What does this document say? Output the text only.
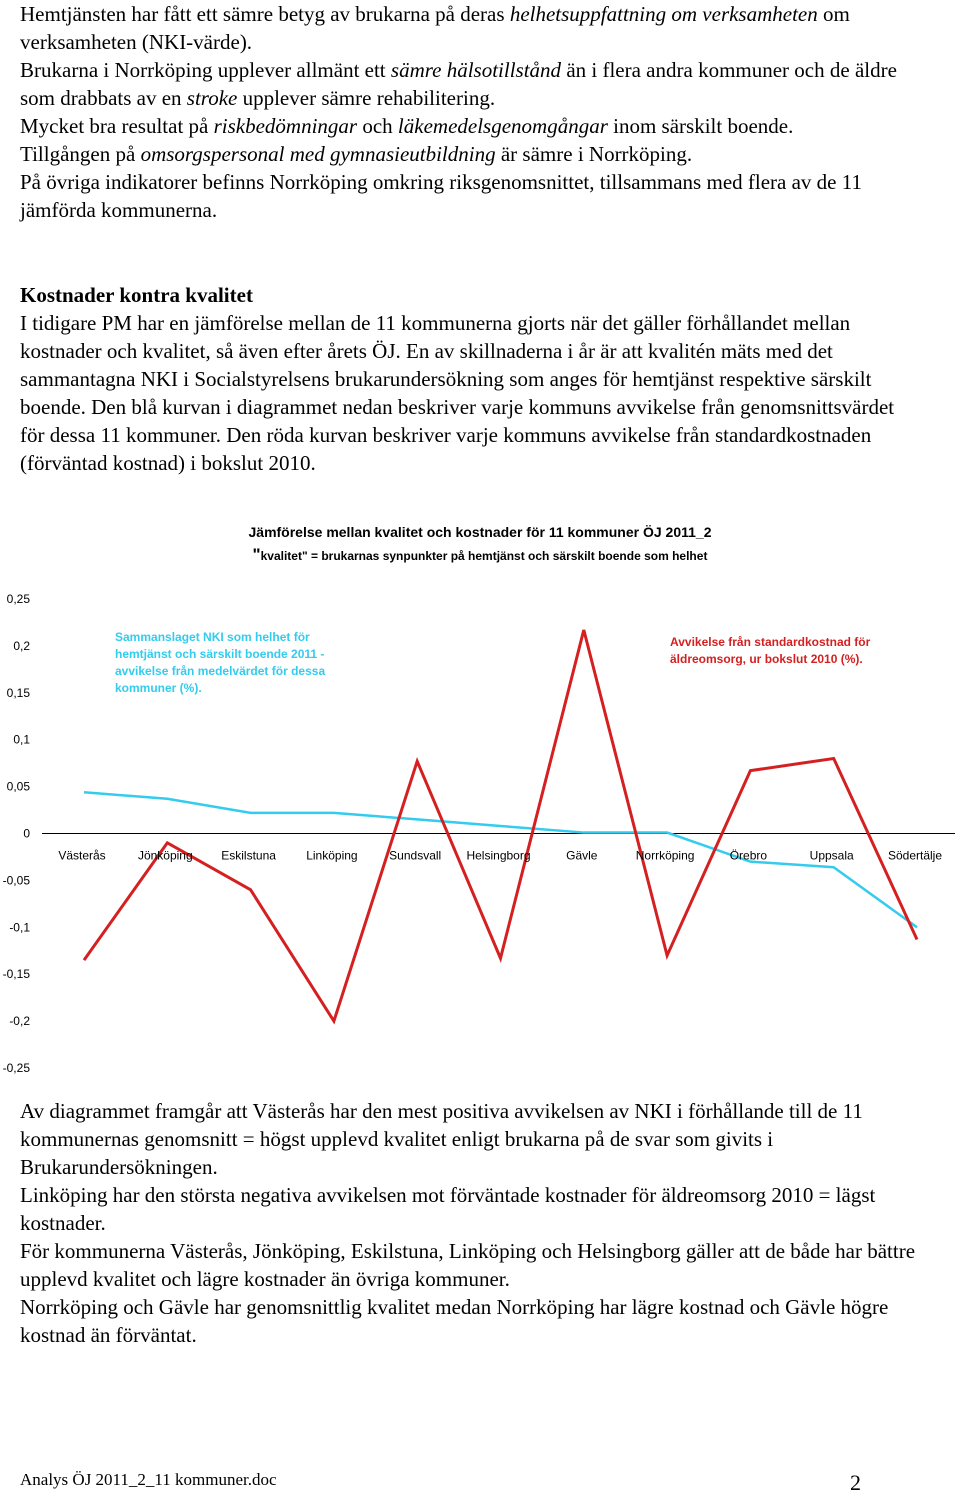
Hemtjänsten har fått ett sämre betyg av brukarna på deras helhetsuppfattning om verksamheten om verksamheten (NKI-värde).

Brukarna i Norrköping upplever allmänt ett sämre hälsotillstånd än i flera andra kommuner och de äldre som drabbats av en stroke upplever sämre rehabilitering.

Mycket bra resultat på riskbedömningar och läkemedelsgenomgångar inom särskilt boende.

Tillgången på omsorgspersonal med gymnasieutbildning är sämre i Norrköping.

På övriga indikatorer befinns Norrköping omkring riksgenomsnittet, tillsammans med flera av de 11 jämförda kommunerna.

Kostnader kontra kvalitet

I tidigare PM har en jämförelse mellan de 11 kommunerna gjorts när det gäller förhållandet mellan kostnader och kvalitet, så även efter årets ÖJ. En av skillnaderna i år är att kvalitén mäts med det sammantagna NKI i Socialstyrelsens brukarundersökning som anges för hemtjänst respektive särskilt boende. Den blå kurvan i diagrammet nedan beskriver varje kommuns avvikelse från genomsnittsvärdet för dessa 11 kommuner. Den röda kurvan beskriver varje kommuns avvikelse från standardkostnaden (förväntad kostnad) i bokslut 2010.

Jämförelse mellan kvalitet och kostnader för 11 kommuner ÖJ 2011_2
"kvalitet" = brukarnas synpunkter på hemtjänst och särskilt boende som helhet
0,25
0,2
0,15
0,1
0,05
0
-0,05
-0,1
-0,15
-0,2
-0,25
Västerås	Jönköping Eskilstuna	Linköping	Sundsvall Helsingborg	Gävle	Norrköping	Örebro	Uppsala	Södertälje
Sammanslaget NKI som helhet för
hemtjänst och särskilt boende 2011 -
avvikelse från medelvärdet för dessa
kommuner (%).
Avvikelse från standardkostnad för
äldreomsorg, ur bokslut 2010 (%).

Av diagrammet framgår att Västerås har den mest positiva avvikelsen av NKI i förhållande till de 11 kommunernas genomsnitt = högst upplevd kvalitet enligt brukarna på de svar som givits i Brukarundersökningen.

Linköping har den största negativa avvikelsen mot förväntade kostnader för äldreomsorg 2010 = lägst kostnader.

För kommunerna Västerås, Jönköping, Eskilstuna, Linköping och Helsingborg gäller att de både har bättre upplevd kvalitet och lägre kostnader än övriga kommuner.

Norrköping och Gävle har genomsnittlig kvalitet medan Norrköping har lägre kostnad och Gävle högre kostnad än förväntat.

Analys ÖJ 2011_2_11 kommuner.doc	2
